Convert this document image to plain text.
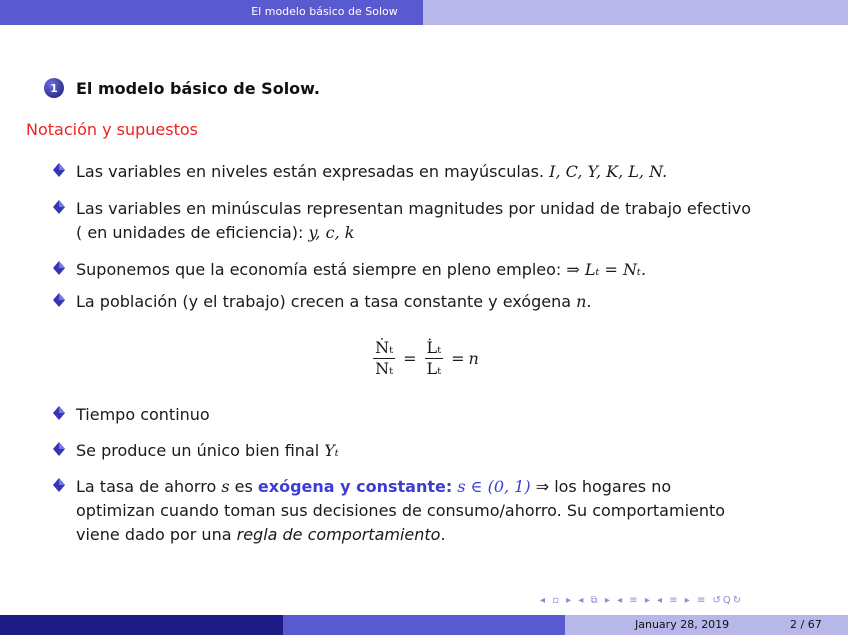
El modelo básico de Solow
1	El modelo básico de Solow.
Notación y supuestos
Las variables en niveles están expresadas en mayúsculas. I, C, Y, K, L, N.
Las variables en minúsculas representan magnitudes por unidad de trabajo efectivo
( en unidades de eficiencia): y, c, k
Suponemos que la economía está siempre en pleno empleo: ⇒ Lₜ = Nₜ.
La población (y el trabajo) crecen a tasa constante y exógena n.
$\frac{\text{Ṅₜ}}{\text{Nₜ}} = \frac{\text{L̇ₜ}}{\text{Lₜ}} = n$
Tiempo continuo
Se produce un único bien final Yₜ
La tasa de ahorro s es exógena y constante: s ∈ (0, 1) ⇒ los hogares no
optimizan cuando toman sus decisiones de consumo/ahorro. Su comportamiento
viene dado por una regla de comportamiento.
◂ ▫ ▸ ◂ ⧉ ▸ ◂ ≡ ▸ ◂ ≡ ▸ ≡ ↺Q↻
January 28, 2019	2 / 67
